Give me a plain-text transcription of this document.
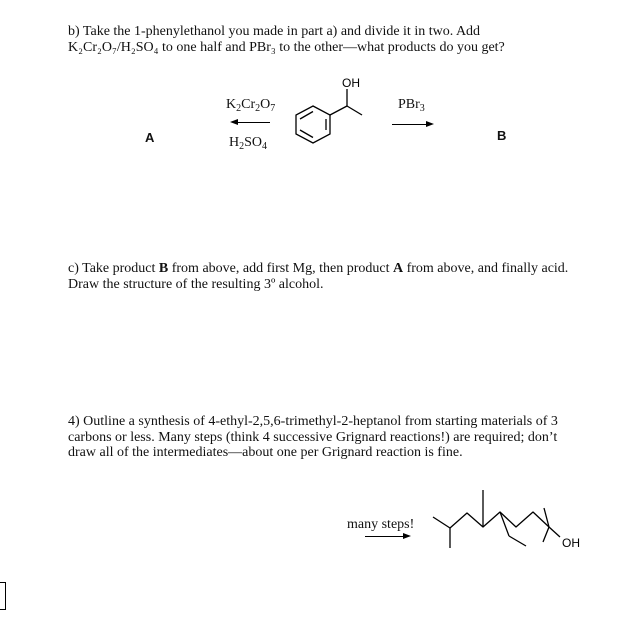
b) Take the 1-phenylethanol you made in part a) and divide it in two. Add
K₂Cr₂O₇/H₂SO₄ to one half and PBr₃ to the other—what products do you get?
A	B
$K_2Cr_2O_7$
$H_2SO_4$
PBr$_3$
OH
c) Take product B from above, add first Mg, then product A from above, and finally acid.
Draw the structure of the resulting 3º alcohol.
4) Outline a synthesis of 4-ethyl-2,5,6-trimethyl-2-heptanol from starting materials of 3
carbons or less. Many steps (think 4 successive Grignard reactions!) are required; don’t
draw all of the intermediates—about one per Grignard reaction is fine.
many steps!
OH
